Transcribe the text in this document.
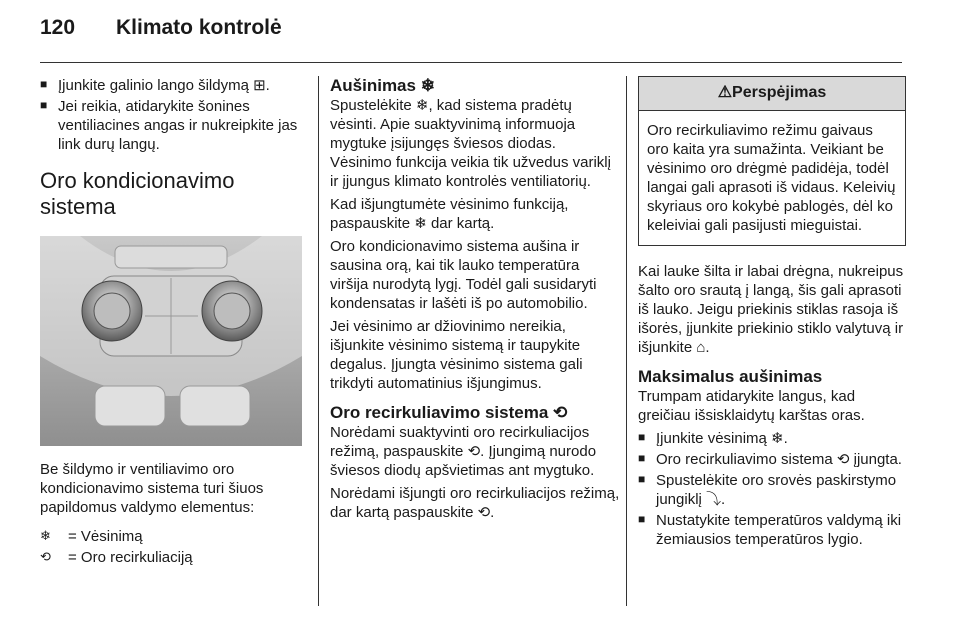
120 Klimato kontrolė
■ Įjunkite galinio lango šildymą ⊞.
■ Jei reikia, atidarykite šonines ventiliacines angas ir nukreipkite jas link durų langų.
Oro kondicionavimo sistema

Be šildymo ir ventiliavimo oro kondicionavimo sistema turi šiuos papildomus valdymo elementus:

❄	= Vėsinimą
⟲	= Oro recirkuliaciją
Aušinimas ❄

Spustelėkite ❄, kad sistema pradėtų vėsinti. Apie suaktyvinimą informuoja mygtuke įsijungęs šviesos diodas. Vėsinimo funkcija veikia tik užvedus variklį ir įjungus klimato kontrolės ventiliatorių.

Kad išjungtumėte vėsinimo funkciją, paspauskite ❄ dar kartą.

Oro kondicionavimo sistema aušina ir sausina orą, kai tik lauko temperatūra viršija nurodytą lygį. Todėl gali susidaryti kondensatas ir lašėti iš po automobilio.

Jei vėsinimo ar džiovinimo nereikia, išjunkite vėsinimo sistemą ir taupykite degalus. Įjungta vėsinimo sistema gali trikdyti automatinius išjungimus.

Oro recirkuliavimo sistema ⟲

Norėdami suaktyvinti oro recirkuliacijos režimą, paspauskite ⟲. Įjungimą nurodo šviesos diodų apšvietimas ant mygtuko.

Norėdami išjungti oro recirkuliacijos režimą, dar kartą paspauskite ⟲.

⚠Perspėjimas
Oro recirkuliavimo režimu gaivaus oro kaita yra sumažinta. Veikiant be vėsinimo oro drėgmė padidėja, todėl langai gali aprasoti iš vidaus. Keleivių skyriaus oro kokybė pablogės, dėl ko keleiviai gali pasijusti mieguistai.

Kai lauke šilta ir labai drėgna, nukreipus šalto oro srautą į langą, šis gali aprasoti iš lauko. Jeigu priekinis stiklas rasoja iš išorės, įjunkite priekinio stiklo valytuvą ir išjunkite ⌂.

Maksimalus aušinimas

Trumpam atidarykite langus, kad greičiau išsisklaidytų karštas oras.

■ Įjunkite vėsinimą ❄.
■ Oro recirkuliavimo sistema ⟲ įjungta.
■ Spustelėkite oro srovės paskirstymo jungiklį ⤵.
■ Nustatykite temperatūros valdymą iki žemiausios temperatūros lygio.
